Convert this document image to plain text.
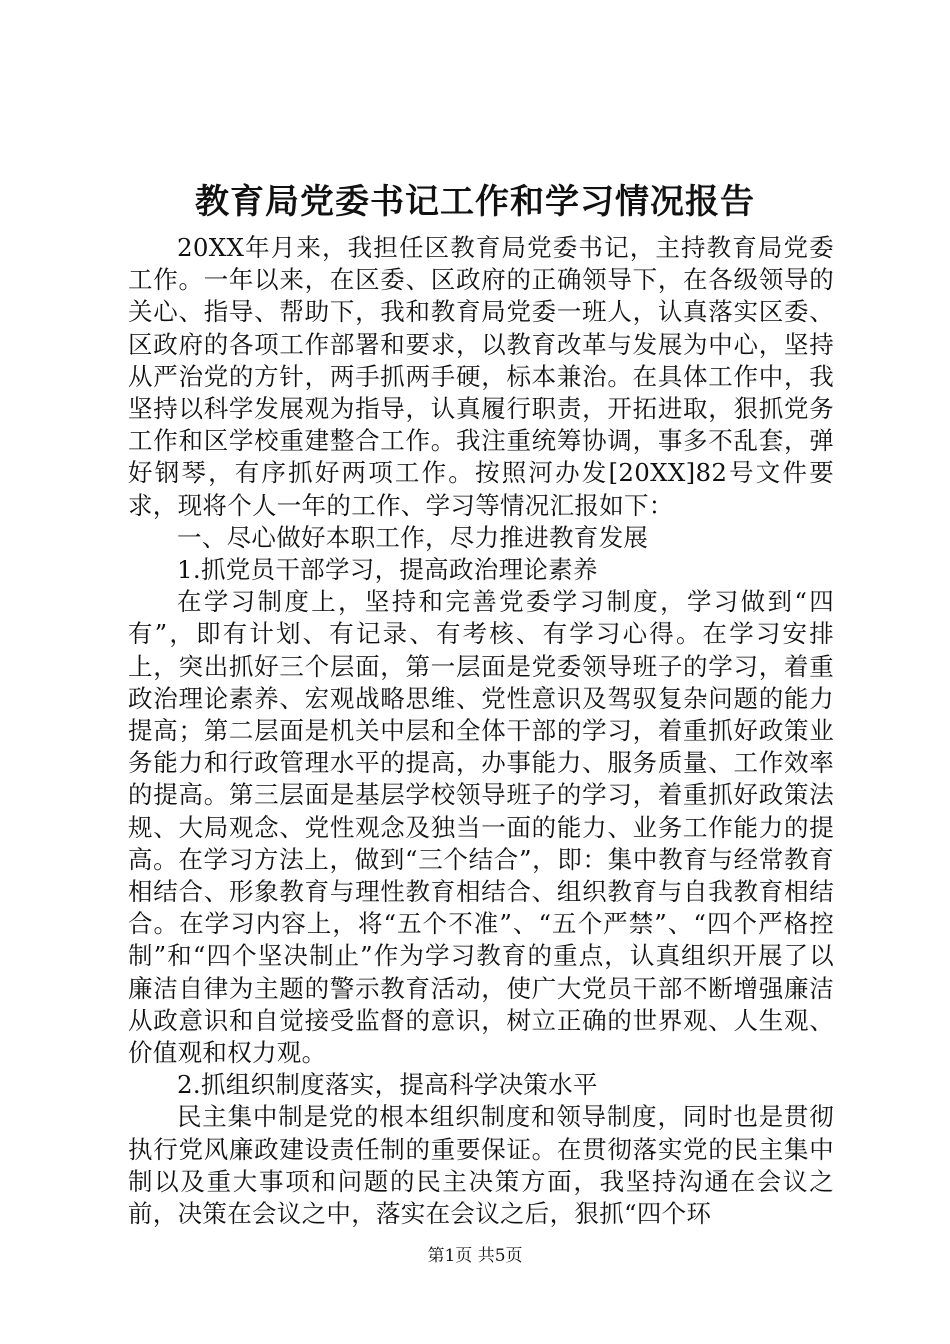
教育局党委书记工作和学习情况报告

20XX年月来，我担任区教育局党委书记，主持教育局党委工作。一年以来，在区委、区政府的正确领导下，在各级领导的关心、指导、帮助下，我和教育局党委一班人，认真落实区委、区政府的各项工作部署和要求，以教育改革与发展为中心，坚持从严治党的方针，两手抓两手硬，标本兼治。在具体工作中，我坚持以科学发展观为指导，认真履行职责，开拓进取，狠抓党务工作和区学校重建整合工作。我注重统筹协调，事多不乱套，弹好钢琴，有序抓好两项工作。按照河办发[20XX]82号文件要求，现将个人一年的工作、学习等情况汇报如下：

一、尽心做好本职工作，尽力推进教育发展

1.抓党员干部学习，提高政治理论素养

在学习制度上，坚持和完善党委学习制度，学习做到“四有”，即有计划、有记录、有考核、有学习心得。在学习安排上，突出抓好三个层面，第一层面是党委领导班子的学习，着重政治理论素养、宏观战略思维、党性意识及驾驭复杂问题的能力提高；第二层面是机关中层和全体干部的学习，着重抓好政策业务能力和行政管理水平的提高，办事能力、服务质量、工作效率的提高。第三层面是基层学校领导班子的学习，着重抓好政策法规、大局观念、党性观念及独当一面的能力、业务工作能力的提高。在学习方法上，做到“三个结合”，即：集中教育与经常教育相结合、形象教育与理性教育相结合、组织教育与自我教育相结合。在学习内容上，将“五个不准”、“五个严禁”、“四个严格控制”和“四个坚决制止”作为学习教育的重点，认真组织开展了以廉洁自律为主题的警示教育活动，使广大党员干部不断增强廉洁从政意识和自觉接受监督的意识，树立正确的世界观、人生观、价值观和权力观。

2.抓组织制度落实，提高科学决策水平

民主集中制是党的根本组织制度和领导制度，同时也是贯彻执行党风廉政建设责任制的重要保证。在贯彻落实党的民主集中制以及重大事项和问题的民主决策方面，我坚持沟通在会议之前，决策在会议之中，落实在会议之后，狠抓“四个环

第1页 共5页
